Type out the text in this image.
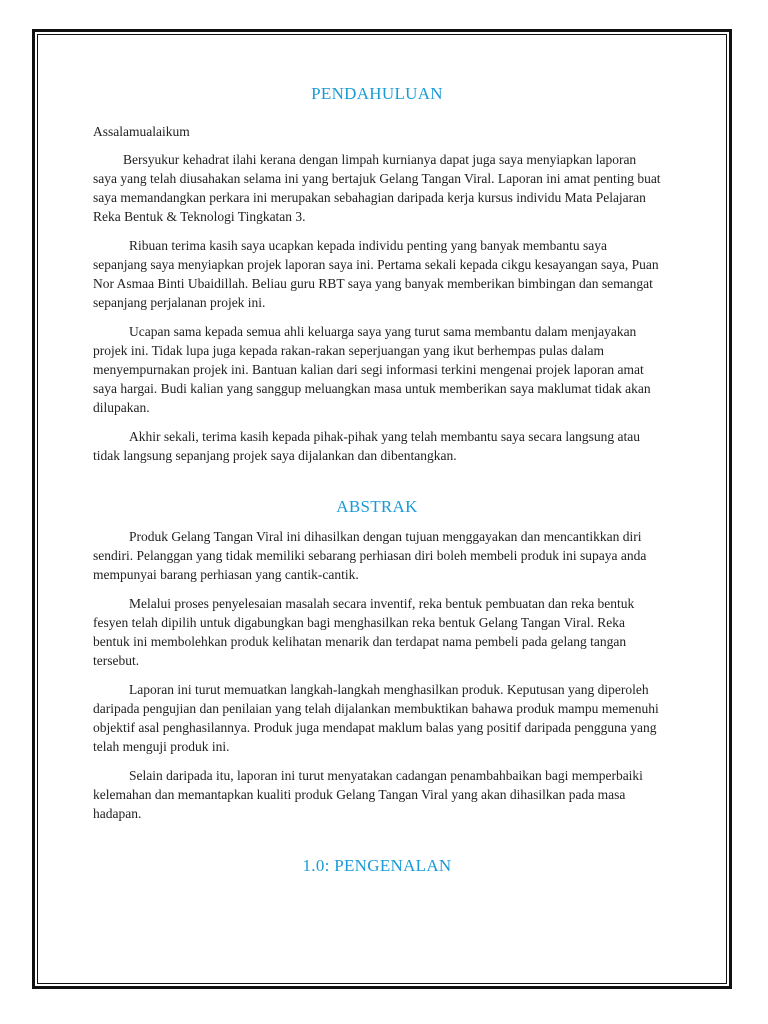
PENDAHULUAN

Assalamualaikum

Bersyukur kehadrat ilahi kerana dengan limpah kurnianya dapat juga saya menyiapkan laporan saya yang telah diusahakan selama ini yang bertajuk Gelang Tangan Viral. Laporan ini amat penting buat saya memandangkan perkara ini merupakan sebahagian daripada kerja kursus individu Mata Pelajaran Reka Bentuk & Teknologi Tingkatan 3.

Ribuan terima kasih saya ucapkan kepada individu penting yang banyak membantu saya sepanjang saya menyiapkan projek laporan saya ini. Pertama sekali kepada cikgu kesayangan saya, Puan Nor Asmaa Binti Ubaidillah. Beliau guru RBT saya yang banyak memberikan bimbingan dan semangat sepanjang perjalanan projek ini.

Ucapan sama kepada semua ahli keluarga saya yang turut sama membantu dalam menjayakan projek ini. Tidak lupa juga kepada rakan-rakan seperjuangan yang ikut berhempas pulas dalam menyempurnakan projek ini. Bantuan kalian dari segi informasi terkini mengenai projek laporan amat saya hargai. Budi kalian yang sanggup meluangkan masa untuk memberikan saya maklumat tidak akan dilupakan.

Akhir sekali, terima kasih kepada pihak-pihak yang telah membantu saya secara langsung atau tidak langsung sepanjang projek saya dijalankan dan dibentangkan.

ABSTRAK

Produk Gelang Tangan Viral ini dihasilkan dengan tujuan menggayakan dan mencantikkan diri sendiri. Pelanggan yang tidak memiliki sebarang perhiasan diri boleh membeli produk ini supaya anda mempunyai barang perhiasan yang cantik-cantik.

Melalui proses penyelesaian masalah secara inventif, reka bentuk pembuatan dan reka bentuk fesyen telah dipilih untuk digabungkan bagi menghasilkan reka bentuk Gelang Tangan Viral. Reka bentuk ini membolehkan produk kelihatan menarik dan terdapat nama pembeli pada gelang tangan tersebut.

Laporan ini turut memuatkan langkah-langkah menghasilkan produk. Keputusan yang diperoleh daripada pengujian dan penilaian yang telah dijalankan membuktikan bahawa produk mampu memenuhi objektif asal penghasilannya. Produk juga mendapat maklum balas yang positif daripada pengguna yang telah menguji produk ini.

Selain daripada itu, laporan ini turut menyatakan cadangan penambahbaikan bagi memperbaiki kelemahan dan memantapkan kualiti produk Gelang Tangan Viral yang akan dihasilkan pada masa hadapan.

1.0: PENGENALAN
